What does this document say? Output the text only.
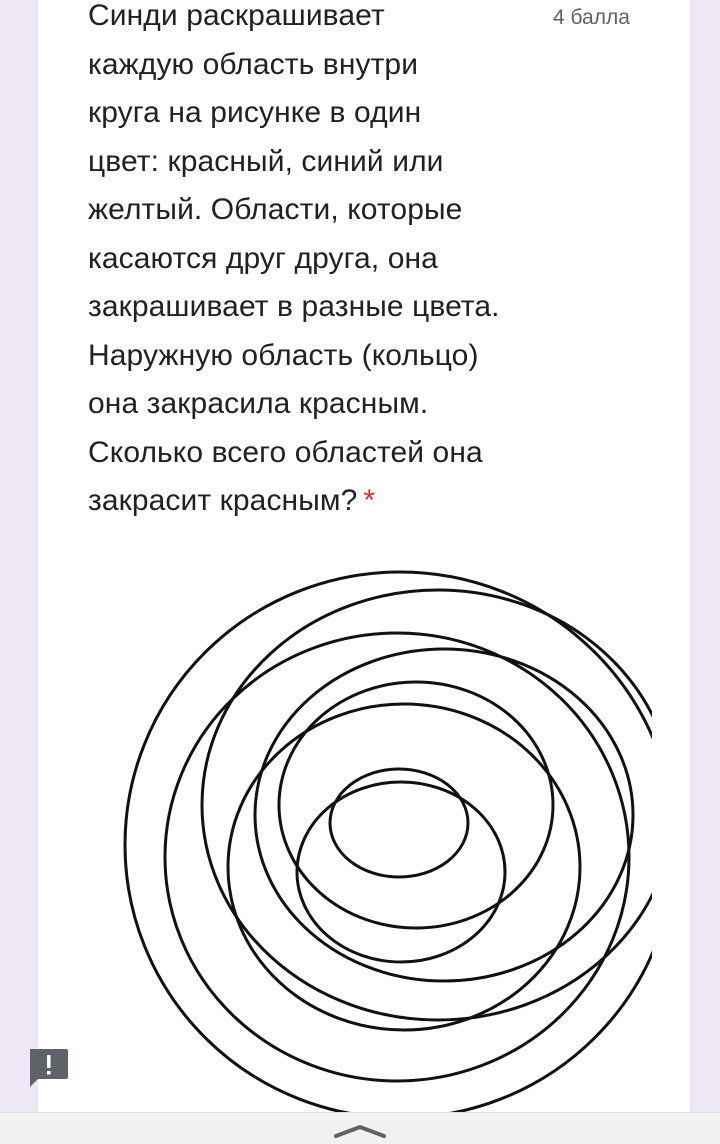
Синди раскрашивает
каждую область внутри
круга на рисунке в один
цвет: красный, синий или
желтый. Области, которые
касаются друг друга, она
закрашивает в разные цвета.
Наружную область (кольцо)
она закрасила красным.
Сколько всего областей она
закрасит красным? *

4 балла
